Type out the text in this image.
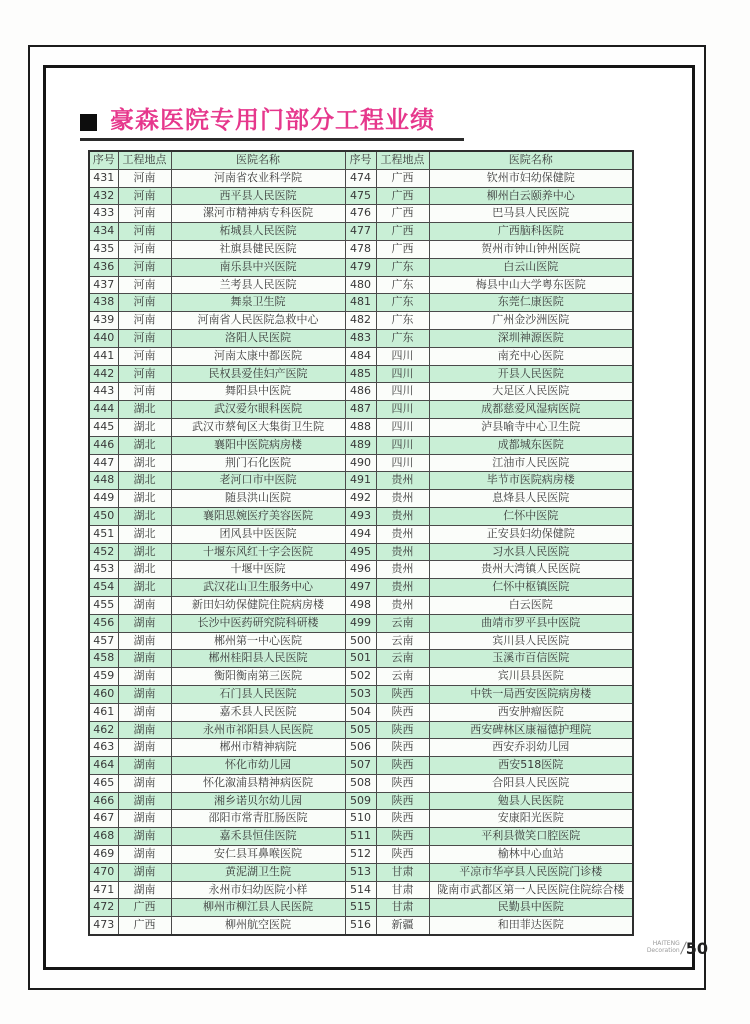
豪森医院专用门部分工程业绩
序号	工程地点	医院名称	序号	工程地点	医院名称
431	河南	河南省农业科学院	474	广西	钦州市妇幼保健院
432	河南	西平县人民医院	475	广西	柳州白云颐养中心
433	河南	漯河市精神病专科医院	476	广西	巴马县人民医院
434	河南	柘城县人民医院	477	广西	广西脑科医院
435	河南	社旗县健民医院	478	广西	贺州市钟山钟州医院
436	河南	南乐县中兴医院	479	广东	白云山医院
437	河南	兰考县人民医院	480	广东	梅县中山大学粤东医院
438	河南	舞泉卫生院	481	广东	东莞仁康医院
439	河南	河南省人民医院急救中心	482	广东	广州金沙洲医院
440	河南	洛阳人民医院	483	广东	深圳神源医院
441	河南	河南太康中都医院	484	四川	南充中心医院
442	河南	民权县爱佳妇产医院	485	四川	开县人民医院
443	河南	舞阳县中医院	486	四川	大足区人民医院
444	湖北	武汉爱尔眼科医院	487	四川	成都慈爱风湿病医院
445	湖北	武汉市蔡甸区大集街卫生院	488	四川	泸县喻寺中心卫生院
446	湖北	襄阳中医院病房楼	489	四川	成都城东医院
447	湖北	荆门石化医院	490	四川	江油市人民医院
448	湖北	老河口市中医院	491	贵州	毕节市医院病房楼
449	湖北	随县洪山医院	492	贵州	息烽县人民医院
450	湖北	襄阳思婉医疗美容医院	493	贵州	仁怀中医院
451	湖北	团风县中医医院	494	贵州	正安县妇幼保健院
452	湖北	十堰东风红十字会医院	495	贵州	习水县人民医院
453	湖北	十堰中医院	496	贵州	贵州大湾镇人民医院
454	湖北	武汉花山卫生服务中心	497	贵州	仁怀中枢镇医院
455	湖南	新田妇幼保健院住院病房楼	498	贵州	白云医院
456	湖南	长沙中医药研究院科研楼	499	云南	曲靖市罗平县中医院
457	湖南	郴州第一中心医院	500	云南	宾川县人民医院
458	湖南	郴州桂阳县人民医院	501	云南	玉溪市百信医院
459	湖南	衡阳衡南第三医院	502	云南	宾川县县医院
460	湖南	石门县人民医院	503	陕西	中铁一局西安医院病房楼
461	湖南	嘉禾县人民医院	504	陕西	西安肿瘤医院
462	湖南	永州市祁阳县人民医院	505	陕西	西安碑林区康福德护理院
463	湖南	郴州市精神病院	506	陕西	西安乔羽幼儿园
464	湖南	怀化市幼儿园	507	陕西	西安518医院
465	湖南	怀化溆浦县精神病医院	508	陕西	合阳县人民医院
466	湖南	湘乡诺贝尔幼儿园	509	陕西	勉县人民医院
467	湖南	邵阳市常青肛肠医院	510	陕西	安康阳光医院
468	湖南	嘉禾县恒佳医院	511	陕西	平利县微笑口腔医院
469	湖南	安仁县耳鼻喉医院	512	陕西	榆林中心血站
470	湖南	黄泥湖卫生院	513	甘肃	平凉市华亭县人民医院门诊楼
471	湖南	永州市妇幼医院小样	514	甘肃	陇南市武都区第一人民医院住院综合楼
472	广西	柳州市柳江县人民医院	515	甘肃	民勤县中医院
473	广西	柳州航空医院	516	新疆	和田菲达医院
HAITENG
Decoration 50
